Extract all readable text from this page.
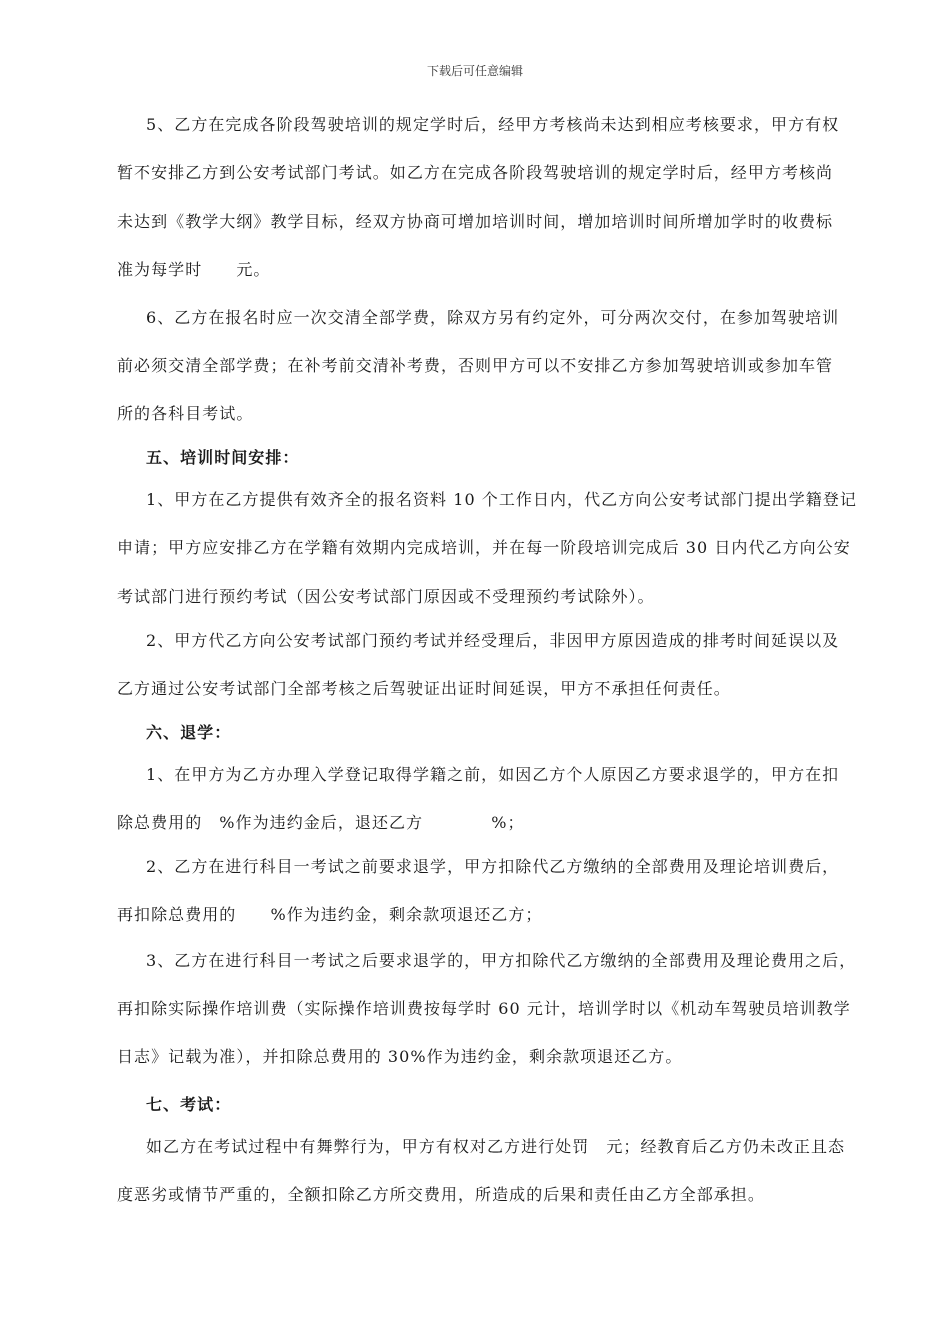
下载后可任意编辑
5、乙方在完成各阶段驾驶培训的规定学时后，经甲方考核尚未达到相应考核要求，甲方有权
暂不安排乙方到公安考试部门考试。如乙方在完成各阶段驾驶培训的规定学时后，经甲方考核尚
未达到《教学大纲》教学目标，经双方协商可增加培训时间，增加培训时间所增加学时的收费标
准为每学时　　元。
6、乙方在报名时应一次交清全部学费，除双方另有约定外，可分两次交付，在参加驾驶培训
前必须交清全部学费；在补考前交清补考费，否则甲方可以不安排乙方参加驾驶培训或参加车管
所的各科目考试。
五、培训时间安排：
1、甲方在乙方提供有效齐全的报名资料 10 个工作日内，代乙方向公安考试部门提出学籍登记
申请；甲方应安排乙方在学籍有效期内完成培训，并在每一阶段培训完成后 30 日内代乙方向公安
考试部门进行预约考试（因公安考试部门原因或不受理预约考试除外）。
2、甲方代乙方向公安考试部门预约考试并经受理后，非因甲方原因造成的排考时间延误以及
乙方通过公安考试部门全部考核之后驾驶证出证时间延误，甲方不承担任何责任。
六、退学：
1、在甲方为乙方办理入学登记取得学籍之前，如因乙方个人原因乙方要求退学的，甲方在扣
除总费用的　%作为违约金后，退还乙方　　　　%；
2、乙方在进行科目一考试之前要求退学，甲方扣除代乙方缴纳的全部费用及理论培训费后，
再扣除总费用的　　%作为违约金，剩余款项退还乙方；
3、乙方在进行科目一考试之后要求退学的，甲方扣除代乙方缴纳的全部费用及理论费用之后，
再扣除实际操作培训费（实际操作培训费按每学时 60 元计，培训学时以《机动车驾驶员培训教学
日志》记载为准），并扣除总费用的 30%作为违约金，剩余款项退还乙方。
七、考试：
如乙方在考试过程中有舞弊行为，甲方有权对乙方进行处罚　元；经教育后乙方仍未改正且态
度恶劣或情节严重的，全额扣除乙方所交费用，所造成的后果和责任由乙方全部承担。
